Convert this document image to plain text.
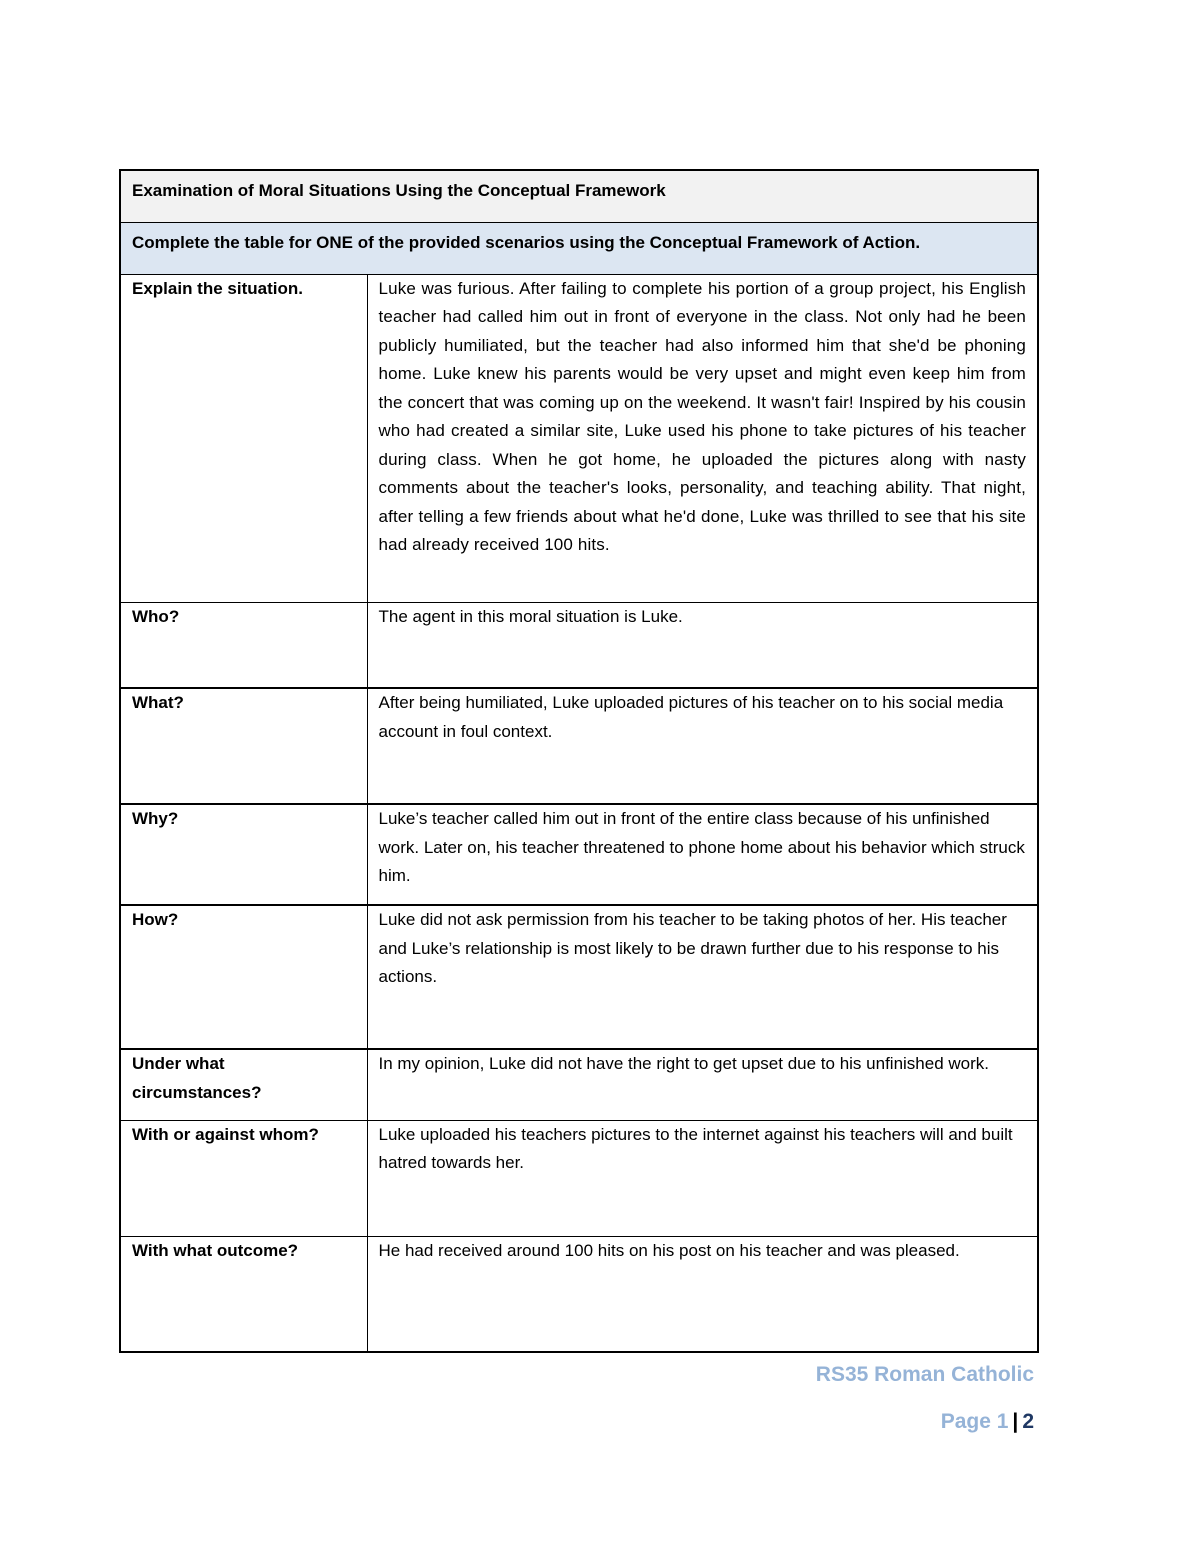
Examination of Moral Situations Using the Conceptual Framework	
Complete the table for ONE of the provided scenarios using the Conceptual Framework of Action.	
Explain the situation.	Luke was furious. After failing to complete his portion of a group project, his English teacher had called him out in front of everyone in the class. Not only had he been publicly humiliated, but the teacher had also informed him that she'd be phoning home. Luke knew his parents would be very upset and might even keep him from the concert that was coming up on the weekend. It wasn't fair! Inspired by his cousin who had created a similar site, Luke used his phone to take pictures of his teacher during class. When he got home, he uploaded the pictures along with nasty comments about the teacher's looks, personality, and teaching ability. That night, after telling a few friends about what he'd done, Luke was thrilled to see that his site had already received 100 hits.
Who?	The agent in this moral situation is Luke.
What?	After being humiliated, Luke uploaded pictures of his teacher on to his social media account in foul context.
Why?	Luke’s teacher called him out in front of the entire class because of his unfinished work. Later on, his teacher threatened to phone home about his behavior which struck him.
How?	Luke did not ask permission from his teacher to be taking photos of her. His teacher and Luke’s relationship is most likely to be drawn further due to his response to his actions.
Under what circumstances?	In my opinion, Luke did not have the right to get upset due to his unfinished work.
With or against whom?	Luke uploaded his teachers pictures to the internet against his teachers will and built hatred towards her.
With what outcome?	He had received around 100 hits on his post on his teacher and was pleased.
RS35 Roman Catholic
Page 1 | 2
